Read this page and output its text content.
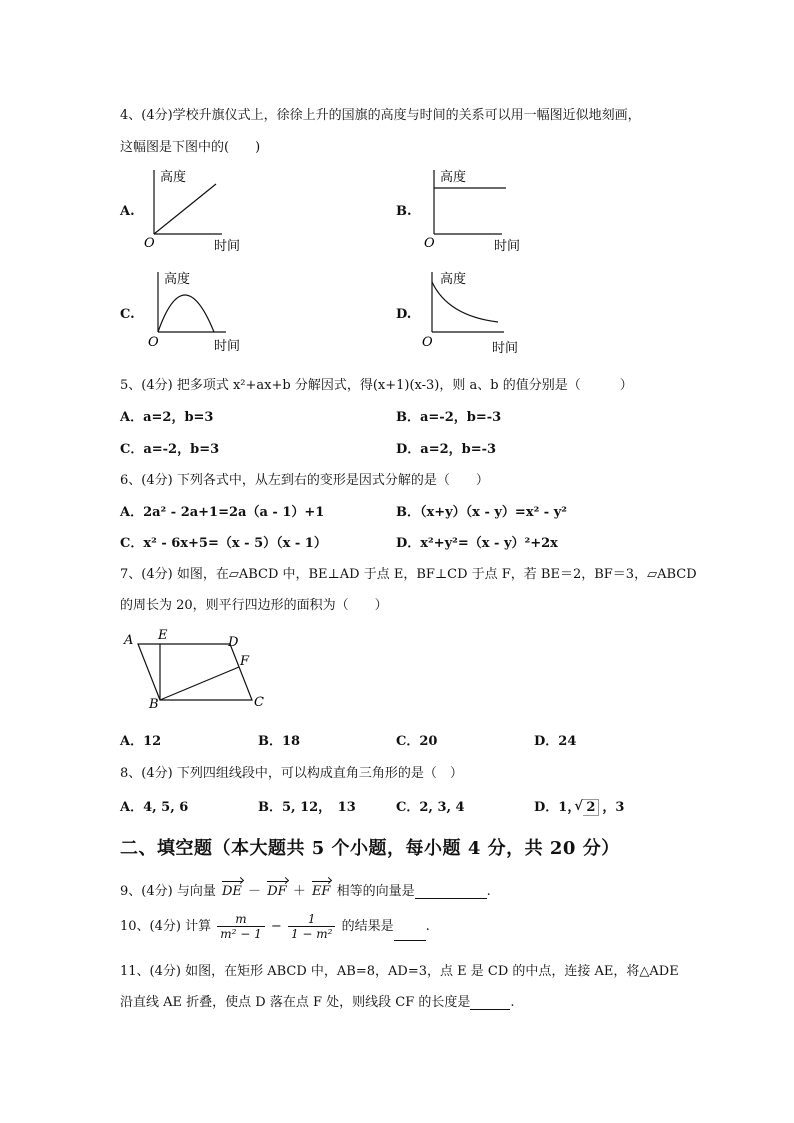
4、(4分)学校升旗仪式上，徐徐上升的国旗的高度与时间的关系可以用一幅图近似地刻画，
这幅图是下图中的(　　)
A.
高度
O	时间
B.
高度
O	时间
C.
高度
O	时间
D.
高度
O	时间
5、(4分) 把多项式 x²+ax+b 分解因式，得(x+1)(x-3)，则 a、b 的值分别是（　　　）
A．a=2，b=3	B．a=-2，b=-3
C．a=-2，b=3	D．a=2，b=-3
6、(4分) 下列各式中，从左到右的变形是因式分解的是（　　）
A．2a² - 2a+1=2a（a - 1）+1	B．（x+y）（x - y）=x² - y²
C．x² - 6x+5=（x - 5）（x - 1）	D．x²+y²=（x - y）²+2x
7、(4分) 如图，在▱ABCD 中，BE⊥AD 于点 E，BF⊥CD 于点 F，若 BE＝2，BF＝3，▱ABCD
的周长为 20，则平行四边形的面积为（　　）
A E	D
F
B	C
A．12	B．18	C．20	D．24
8、(4分) 下列四组线段中，可以构成直角三角形的是（　）
A．4, 5, 6	B．5, 12，　13	C．2, 3, 4	D．1，√ 2 ，3
二、填空题（本大题共 5 个小题，每小题 4 分，共 20 分）
9、(4分) 与向量 DE － DF ＋ EF 相等的向量是	.
10、(4分) 计算 $\frac{m}{\text{m² − 1}} - \frac{1}{\text{1 − m²}}$ 的结果是 .
11、(4分) 如图，在矩形 ABCD 中，AB=8，AD=3，点 E 是 CD 的中点，连接 AE，将△ADE
沿直线 AE 折叠，使点 D 落在点 F 处，则线段 CF 的长度是	.
